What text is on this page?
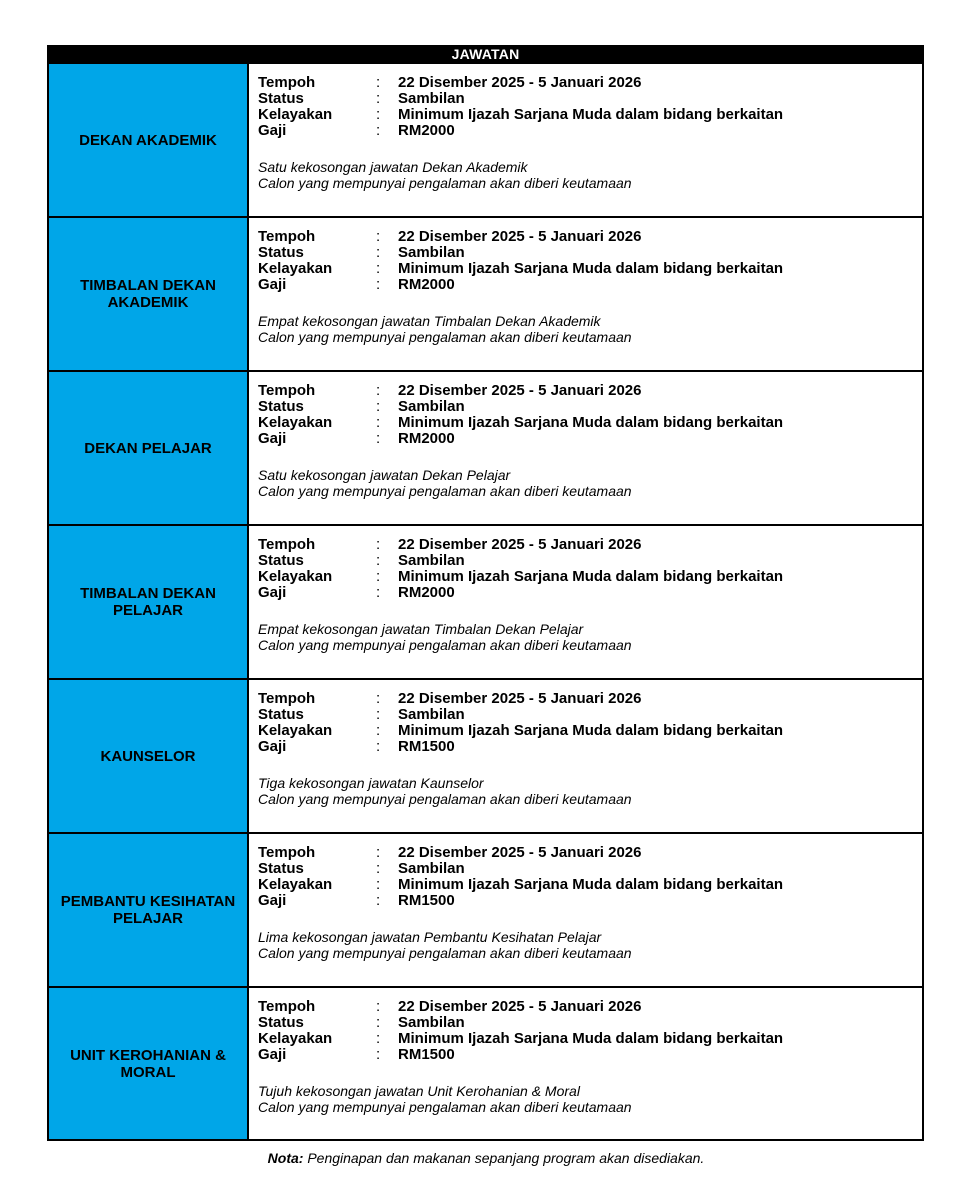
JAWATAN
DEKAN AKADEMIK
Tempoh	:	22 Disember 2025 - 5 Januari 2026
Status	:	Sambilan
Kelayakan	:	Minimum Ijazah Sarjana Muda dalam bidang berkaitan
Gaji	:	RM2000
Satu kekosongan jawatan Dekan Akademik
Calon yang mempunyai pengalaman akan diberi keutamaan
TIMBALAN DEKAN AKADEMIK
Tempoh	:	22 Disember 2025 - 5 Januari 2026
Status	:	Sambilan
Kelayakan	:	Minimum Ijazah Sarjana Muda dalam bidang berkaitan
Gaji	:	RM2000
Empat kekosongan jawatan Timbalan Dekan Akademik
Calon yang mempunyai pengalaman akan diberi keutamaan
DEKAN PELAJAR
Tempoh	:	22 Disember 2025 - 5 Januari 2026
Status	:	Sambilan
Kelayakan	:	Minimum Ijazah Sarjana Muda dalam bidang berkaitan
Gaji	:	RM2000
Satu kekosongan jawatan Dekan Pelajar
Calon yang mempunyai pengalaman akan diberi keutamaan
TIMBALAN DEKAN PELAJAR
Tempoh	:	22 Disember 2025 - 5 Januari 2026
Status	:	Sambilan
Kelayakan	:	Minimum Ijazah Sarjana Muda dalam bidang berkaitan
Gaji	:	RM2000
Empat kekosongan jawatan Timbalan Dekan Pelajar
Calon yang mempunyai pengalaman akan diberi keutamaan
KAUNSELOR
Tempoh	:	22 Disember 2025 - 5 Januari 2026
Status	:	Sambilan
Kelayakan	:	Minimum Ijazah Sarjana Muda dalam bidang berkaitan
Gaji	:	RM1500
Tiga kekosongan jawatan Kaunselor
Calon yang mempunyai pengalaman akan diberi keutamaan
PEMBANTU KESIHATAN PELAJAR
Tempoh	:	22 Disember 2025 - 5 Januari 2026
Status	:	Sambilan
Kelayakan	:	Minimum Ijazah Sarjana Muda dalam bidang berkaitan
Gaji	:	RM1500
Lima kekosongan jawatan Pembantu Kesihatan Pelajar
Calon yang mempunyai pengalaman akan diberi keutamaan
UNIT KEROHANIAN & MORAL
Tempoh	:	22 Disember 2025 - 5 Januari 2026
Status	:	Sambilan
Kelayakan	:	Minimum Ijazah Sarjana Muda dalam bidang berkaitan
Gaji	:	RM1500
Tujuh kekosongan jawatan Unit Kerohanian & Moral
Calon yang mempunyai pengalaman akan diberi keutamaan
Nota: Penginapan dan makanan sepanjang program akan disediakan.
